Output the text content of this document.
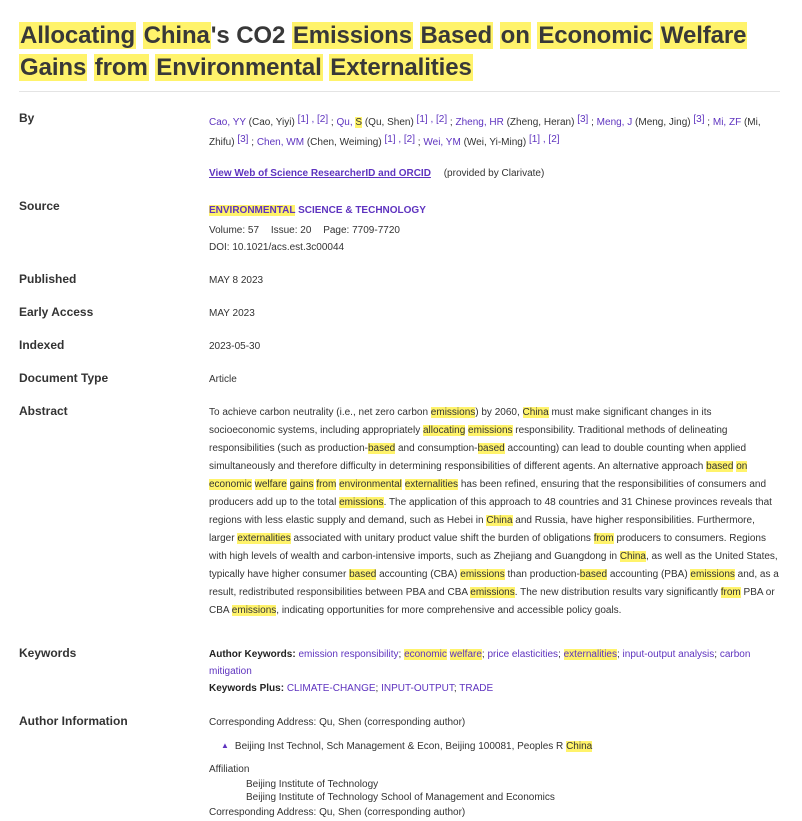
Allocating China's CO2 Emissions Based on Economic Welfare Gains from Environmental Externalities
By	Cao, YY (Cao, Yiyi) [1] , [2] ; Qu, S (Qu, Shen) [1] , [2] ; Zheng, HR (Zheng, Heran) [3] ; Meng, J (Meng, Jing) [3] ; Mi, ZF (Mi, Zhifu) [3] ; Chen, WM (Chen, Weiming) [1] , [2] ; Wei, YM (Wei, Yi-Ming) [1] , [2]
View Web of Science ResearcherID and ORCID (provided by Clarivate)
Source	ENVIRONMENTAL SCIENCE & TECHNOLOGY
Volume: 57 Issue: 20 Page: 7709-7720
DOI: 10.1021/acs.est.3c00044
Published	MAY 8 2023
Early Access	MAY 2023
Indexed	2023-05-30
Document Type	Article
Abstract	To achieve carbon neutrality (i.e., net zero carbon emissions) by 2060, China must make significant changes in its socioeconomic systems, including appropriately allocating emissions responsibility. Traditional methods of delineating responsibilities (such as production-based and consumption-based accounting) can lead to double counting when applied simultaneously and therefore difficulty in determining responsibilities of different agents. An alternative approach based on economic welfare gains from environmental externalities has been refined, ensuring that the responsibilities of consumers and producers add up to the total emissions. The application of this approach to 48 countries and 31 Chinese provinces reveals that regions with less elastic supply and demand, such as Hebei in China and Russia, have higher responsibilities. Furthermore, larger externalities associated with unitary product value shift the burden of obligations from producers to consumers. Regions with high levels of wealth and carbon-intensive imports, such as Zhejiang and Guangdong in China, as well as the United States, typically have higher consumer based accounting (CBA) emissions than production-based accounting (PBA) emissions and, as a result, redistributed responsibilities between PBA and CBA emissions. The new distribution results vary significantly from PBA or CBA emissions, indicating opportunities for more comprehensive and accessible policy goals.
Keywords	Author Keywords: emission responsibility; economic welfare; price elasticities; externalities; input-output analysis; carbon mitigation
Keywords Plus: CLIMATE-CHANGE; INPUT-OUTPUT; TRADE
Author Information	Corresponding Address: Qu, Shen (corresponding author)
▲ Beijing Inst Technol, Sch Management & Econ, Beijing 100081, Peoples R China
Affiliation
Beijing Institute of Technology
Beijing Institute of Technology School of Management and Economics
Corresponding Address: Qu, Shen (corresponding author)
